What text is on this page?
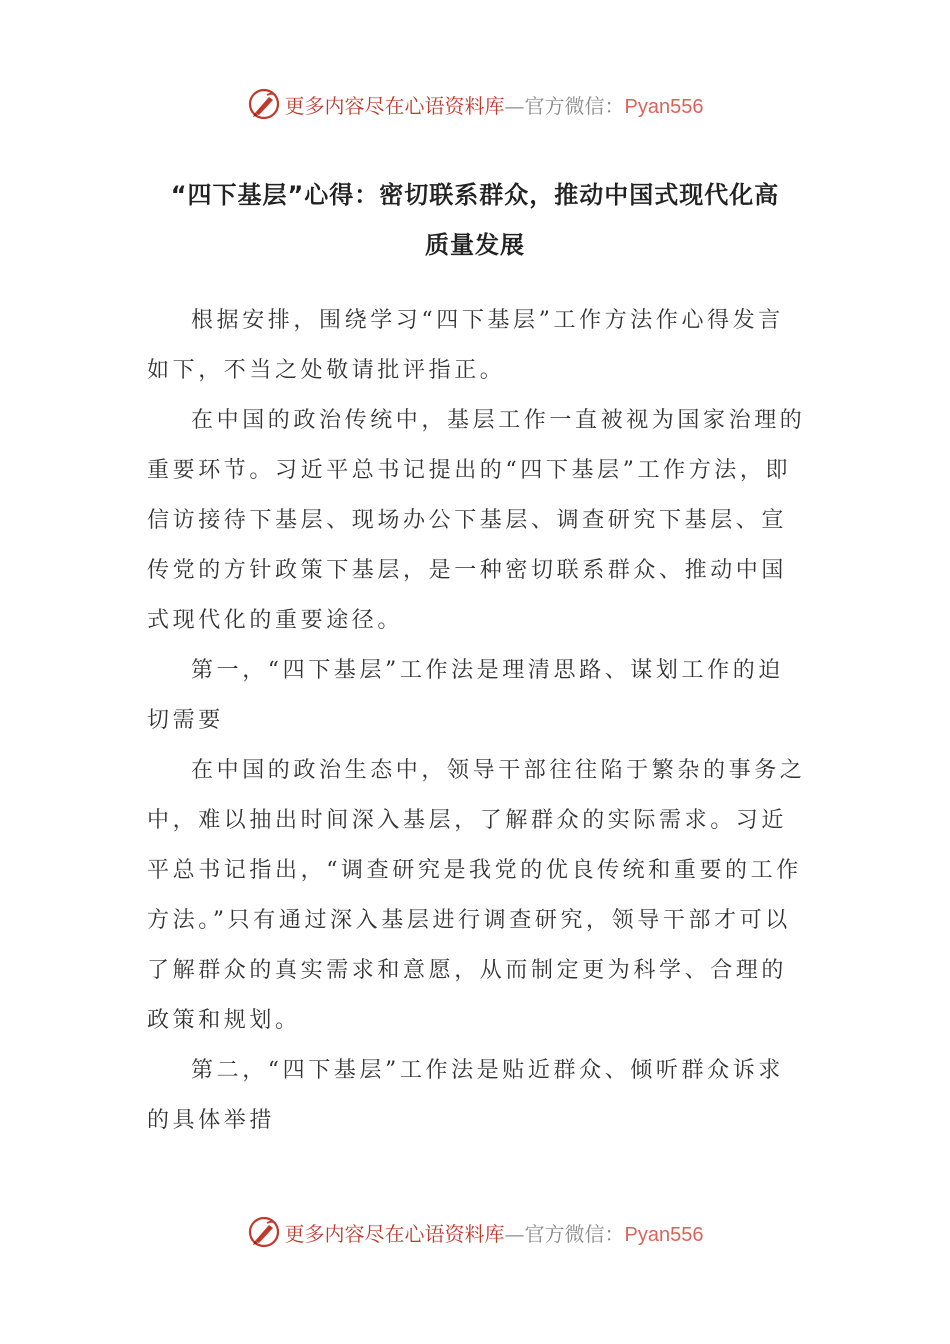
更多内容尽在心语资料库—官方微信：Pyan556
“四下基层”心得：密切联系群众，推动中国式现代化高
质量发展

根据安排，围绕学习“四下基层”工作方法作心得发言如下，不当之处敬请批评指正。

在中国的政治传统中，基层工作一直被视为国家治理的重要环节。习近平总书记提出的“四下基层”工作方法，即信访接待下基层、现场办公下基层、调查研究下基层、宣传党的方针政策下基层，是一种密切联系群众、推动中国式现代化的重要途径。

第一，“四下基层”工作法是理清思路、谋划工作的迫切需要

在中国的政治生态中，领导干部往往陷于繁杂的事务之中，难以抽出时间深入基层，了解群众的实际需求。习近平总书记指出，“调查研究是我党的优良传统和重要的工作方法。”只有通过深入基层进行调查研究，领导干部才可以了解群众的真实需求和意愿，从而制定更为科学、合理的政策和规划。

第二，“四下基层”工作法是贴近群众、倾听群众诉求的具体举措

更多内容尽在心语资料库—官方微信：Pyan556
